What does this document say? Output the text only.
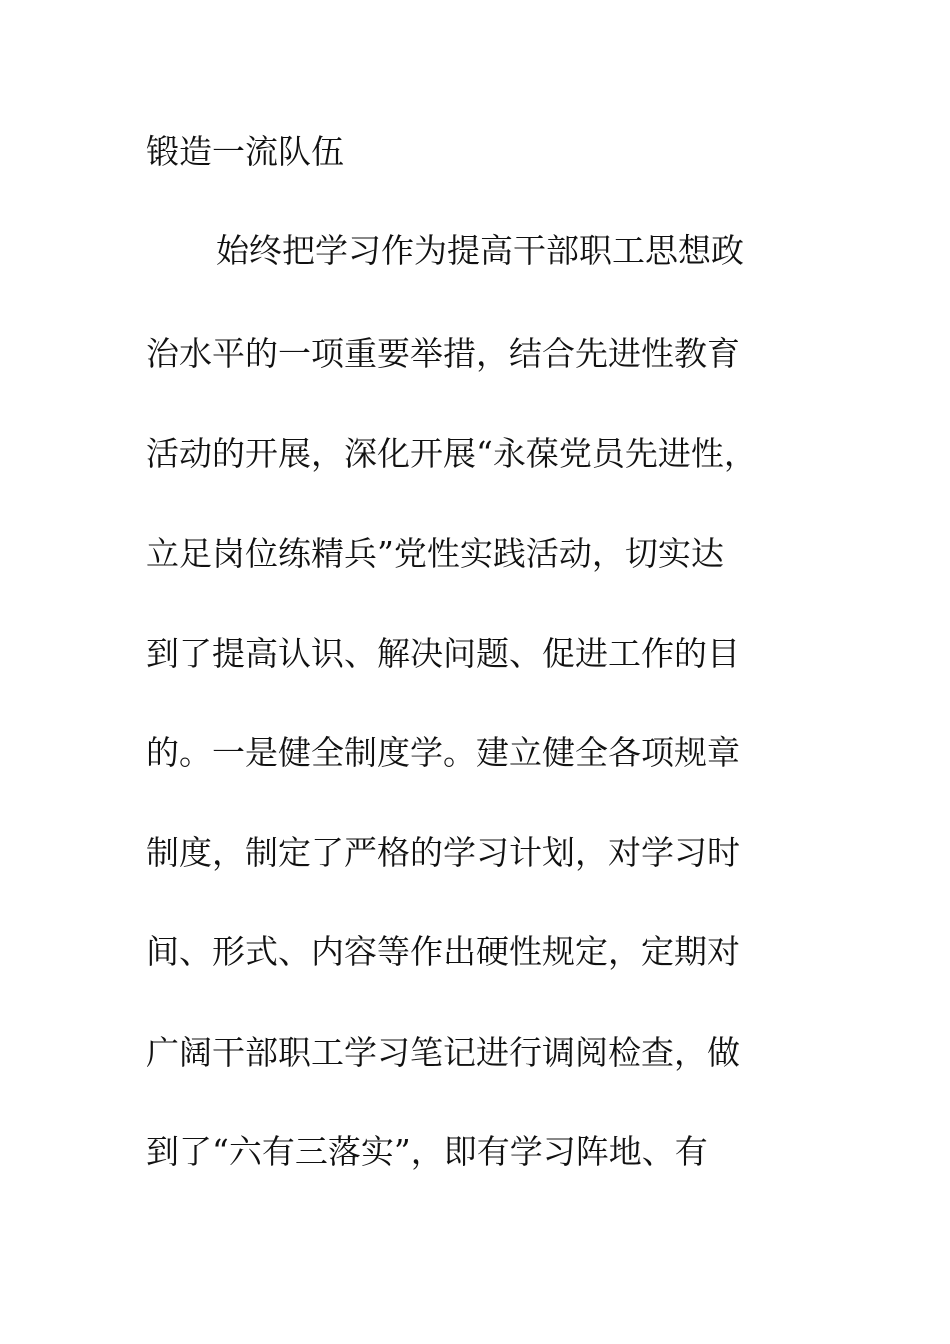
锻造一流队伍

始终把学习作为提高干部职工思想政

治水平的一项重要举措，结合先进性教育

活动的开展，深化开展“永葆党员先进性，

立足岗位练精兵”党性实践活动，切实达

到了提高认识、解决问题、促进工作的目

的。一是健全制度学。建立健全各项规章

制度，制定了严格的学习计划，对学习时

间、形式、内容等作出硬性规定，定期对

广阔干部职工学习笔记进行调阅检查，做

到了“六有三落实”，即有学习阵地、有
